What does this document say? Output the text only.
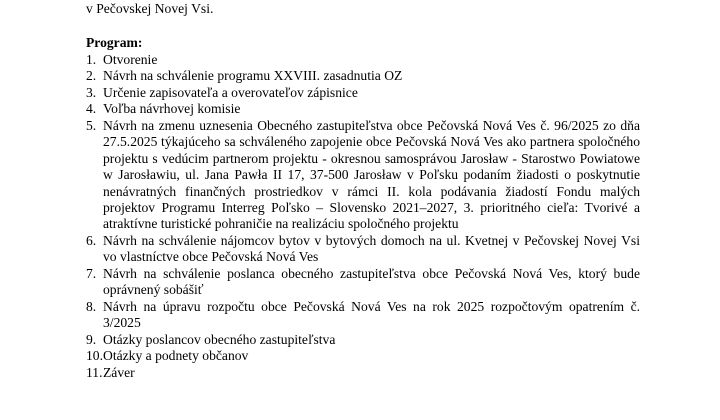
v Pečovskej Novej Vsi.

Program:

1. Otvorenie
2. Návrh na schválenie programu XXVIII. zasadnutia OZ
3. Určenie zapisovateľa a overovateľov zápisnice
4. Voľba návrhovej komisie
5. Návrh na zmenu uznesenia Obecného zastupiteľstva obce Pečovská Nová Ves č. 96/2025 zo dňa 27.5.2025 týkajúceho sa schváleného zapojenie obce Pečovská Nová Ves ako partnera spoločného projektu s vedúcim partnerom projektu - okresnou samosprávou Jarosław - Starostwo Powiatowe w Jarosławiu, ul. Jana Pawła II 17, 37-500 Jarosław v Poľsku podaním žiadosti o poskytnutie nenávratných finančných prostriedkov v rámci II. kola podávania žiadostí Fondu malých projektov Programu Interreg Poľsko – Slovensko 2021–2027, 3. prioritného cieľa: Tvorivé a atraktívne turistické pohraničie na realizáciu spoločného projektu
6. Návrh na schválenie nájomcov bytov v bytových domoch na ul. Kvetnej v Pečovskej Novej Vsi vo vlastníctve obce Pečovská Nová Ves
7. Návrh na schválenie poslanca obecného zastupiteľstva obce Pečovská Nová Ves, ktorý bude oprávnený sobášiť
8. Návrh na úpravu rozpočtu obce Pečovská Nová Ves na rok 2025 rozpočtovým opatrením č. 3/2025
9. Otázky poslancov obecného zastupiteľstva
10. Otázky a podnety občanov
11. Záver
